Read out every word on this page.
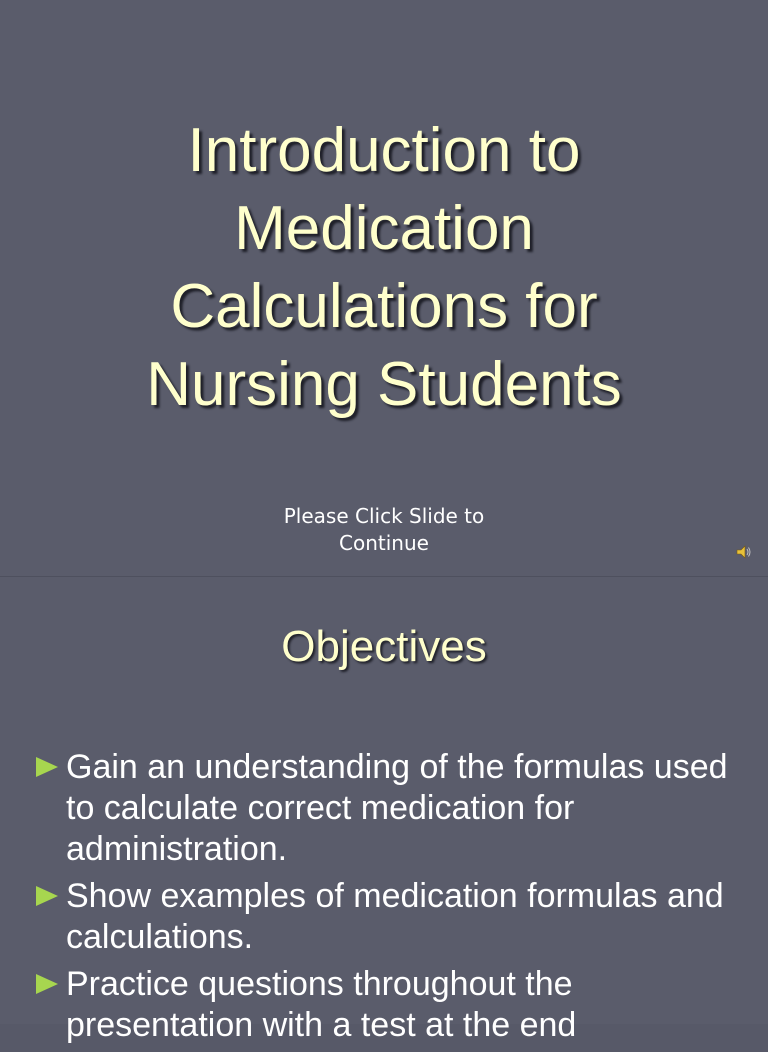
Introduction to
Medication
Calculations for
Nursing Students
Please Click Slide to
Continue
Objectives
Gain an understanding of the formulas used to calculate correct medication for administration.
Show examples of medication formulas and calculations.
Practice questions throughout the presentation with a test at the end
